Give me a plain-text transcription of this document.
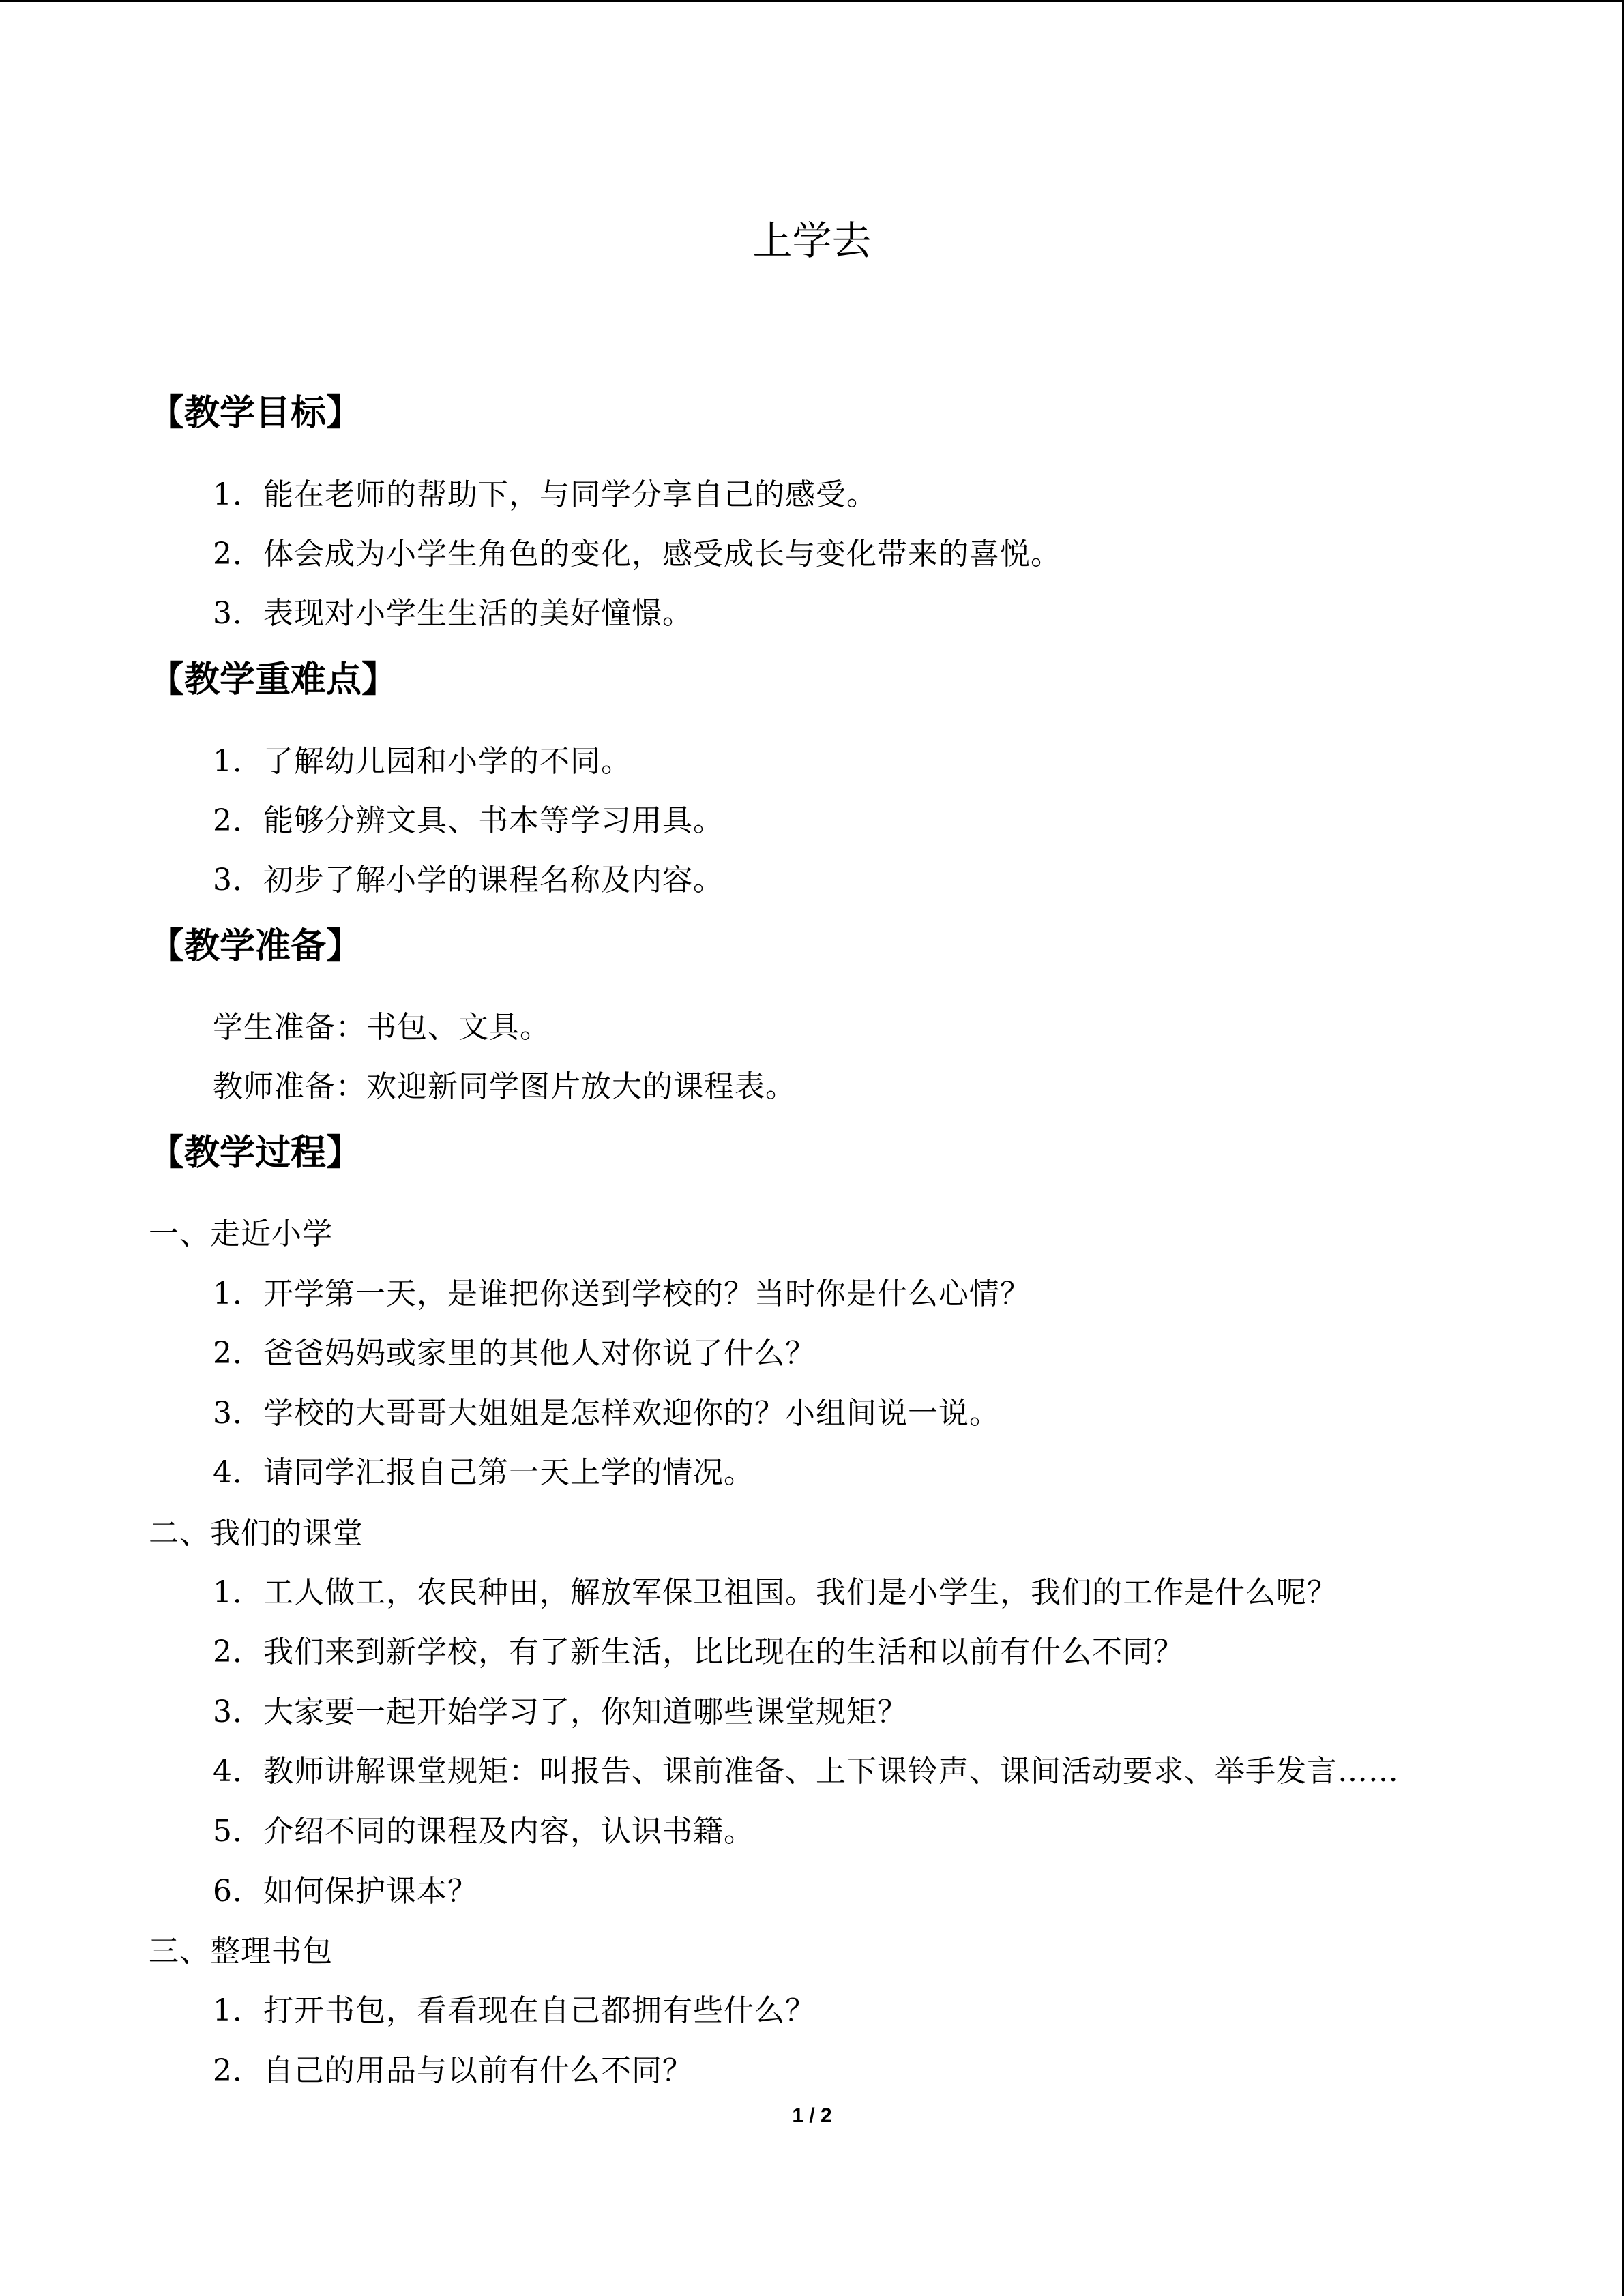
上学去
【教学目标】
1．能在老师的帮助下，与同学分享自己的感受。
2．体会成为小学生角色的变化，感受成长与变化带来的喜悦。
3．表现对小学生生活的美好憧憬。
【教学重难点】
1．了解幼儿园和小学的不同。
2．能够分辨文具、书本等学习用具。
3．初步了解小学的课程名称及内容。
【教学准备】
学生准备：书包、文具。
教师准备：欢迎新同学图片放大的课程表。
【教学过程】
一、走近小学
1．开学第一天，是谁把你送到学校的？当时你是什么心情？
2．爸爸妈妈或家里的其他人对你说了什么？
3．学校的大哥哥大姐姐是怎样欢迎你的？小组间说一说。
4．请同学汇报自己第一天上学的情况。
二、我们的课堂
1．工人做工，农民种田，解放军保卫祖国。我们是小学生，我们的工作是什么呢？
2．我们来到新学校，有了新生活，比比现在的生活和以前有什么不同？
3．大家要一起开始学习了，你知道哪些课堂规矩？
4．教师讲解课堂规矩：叫报告、课前准备、上下课铃声、课间活动要求、举手发言……
5．介绍不同的课程及内容，认识书籍。
6．如何保护课本？
三、整理书包
1．打开书包，看看现在自己都拥有些什么？
2．自己的用品与以前有什么不同？
1 / 2
